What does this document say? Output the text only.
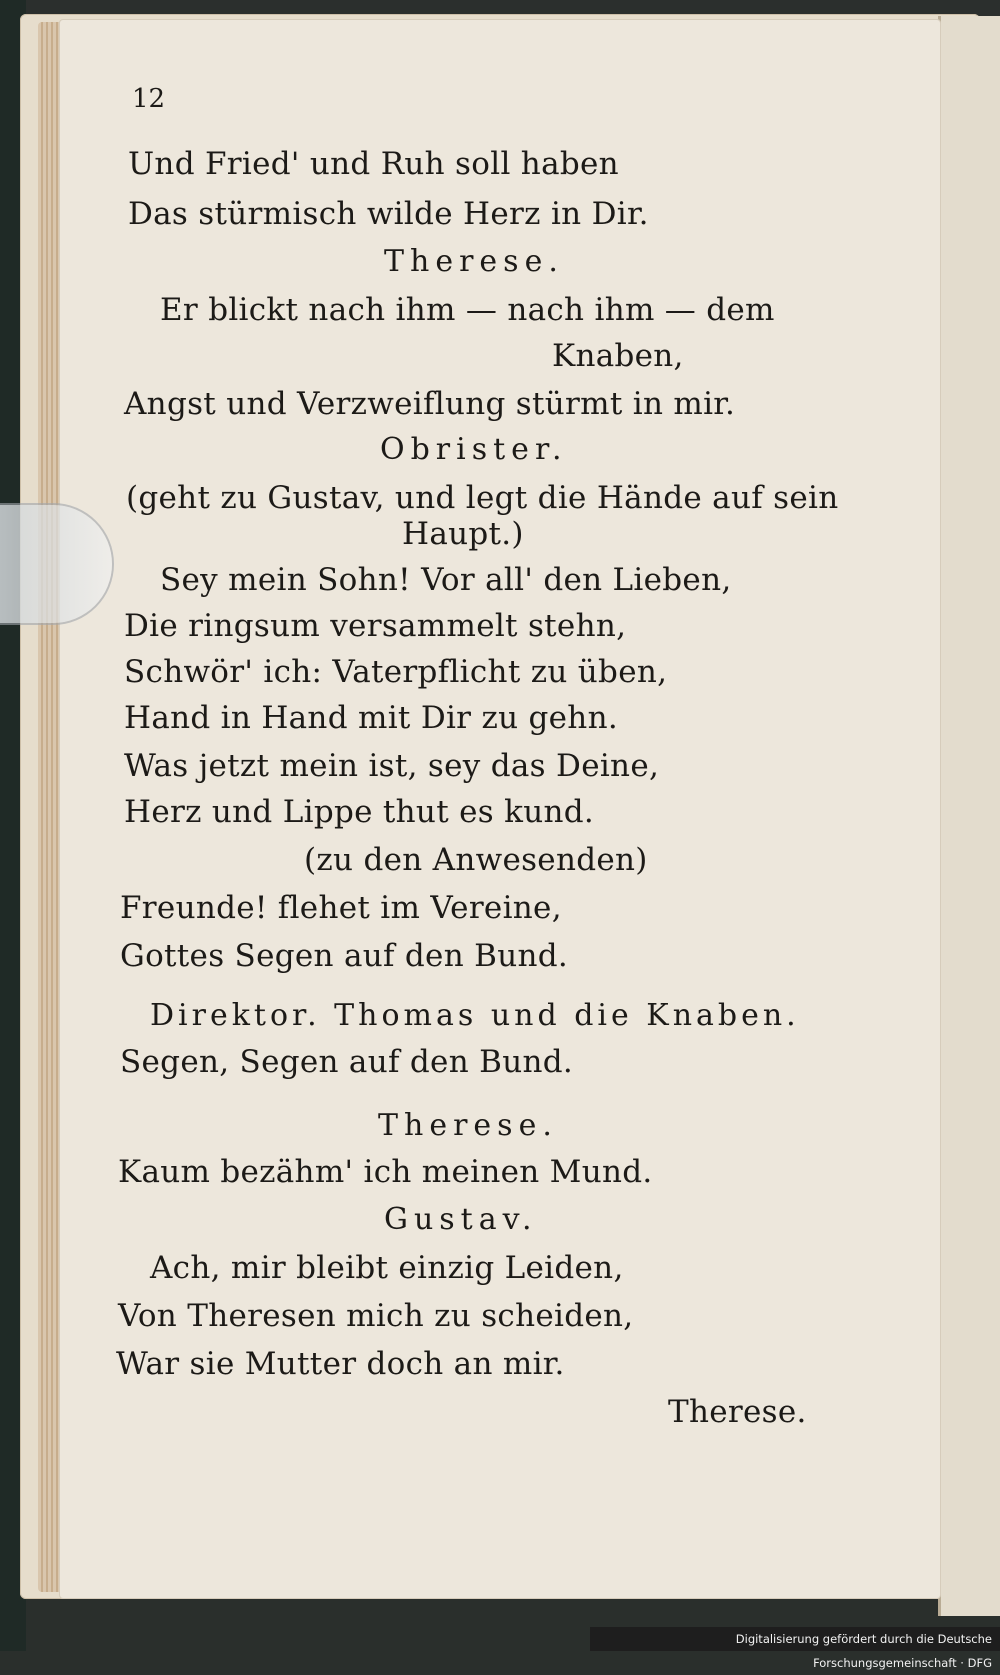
12
Und Fried' und Ruh soll haben
Das stürmisch wilde Herz in Dir.
Therese.
Er blickt nach ihm — nach ihm — dem
Knaben,
Angst und Verzweiflung stürmt in mir.
Obrister.
(geht zu Gustav, und legt die Hände auf sein
Haupt.)
Sey mein Sohn! Vor all' den Lieben,
Die ringsum versammelt stehn,
Schwör' ich: Vaterpflicht zu üben,
Hand in Hand mit Dir zu gehn.
Was jetzt mein ist, sey das Deine,
Herz und Lippe thut es kund.
(zu den Anwesenden)
Freunde! flehet im Vereine,
Gottes Segen auf den Bund.
Direktor. Thomas und die Knaben.
Segen, Segen auf den Bund.
Therese.
Kaum bezähm' ich meinen Mund.
Gustav.
Ach, mir bleibt einzig Leiden,
Von Theresen mich zu scheiden,
War sie Mutter doch an mir.
Therese.
Digitalisierung gefördert durch die Deutsche Forschungsgemeinschaft · DFG
